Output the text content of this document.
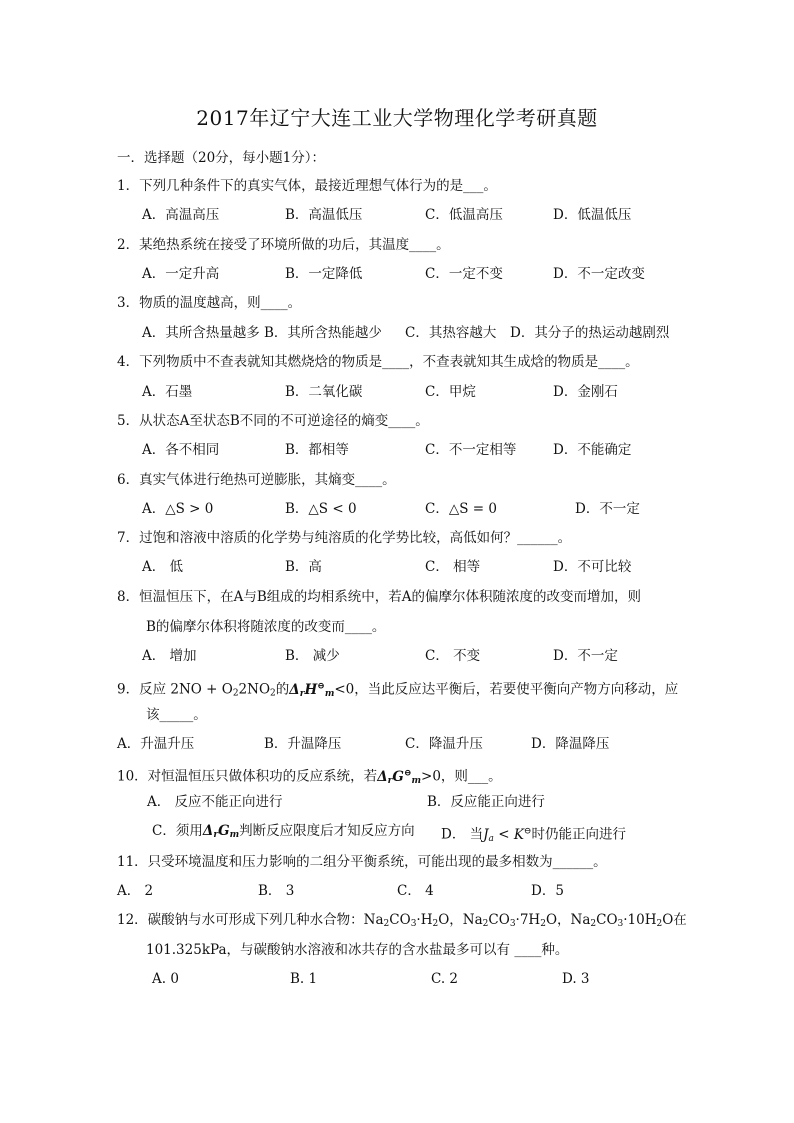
2017年辽宁大连工业大学物理化学考研真题
一．选择题（20分，每小题1分）：
1．下列几种条件下的真实气体，最接近理想气体行为的是___。
A．高温高压	B．高温低压	C．低温高压	D．低温低压
2．某绝热系统在接受了环境所做的功后，其温度____。
A．一定升高	B．一定降低	C．一定不变	D．不一定改变
3．物质的温度越高，则____。
A．其所含热量越多 B．其所含热能越少 C．其热容越大 D．其分子的热运动越剧烈
4．下列物质中不查表就知其燃烧焓的物质是____，不查表就知其生成焓的物质是____。
A．石墨	B．二氧化碳	C．甲烷	D．金刚石
5．从状态A至状态B不同的不可逆途径的熵变____。
A．各不相同	B．都相等	C．不一定相等	D．不能确定
6．真实气体进行绝热可逆膨胀，其熵变____。
A．△S > 0	B．△S < 0	C．△S = 0	D．不一定
7．过饱和溶液中溶质的化学势与纯溶质的化学势比较，高低如何？______。
A． 低	B．高	C． 相等	D．不可比较
8．恒温恒压下，在A与B组成的均相系统中，若A的偏摩尔体积随浓度的改变而增加，则
B的偏摩尔体积将随浓度的改变而____。
A． 增加	B． 减少	C． 不变	D．不一定
9．反应 $2NO + O_22NO_2$的$\Delta_rH^⊖_m<0$，当此反应达平衡后，若要使平衡向产物方向移动，应
该_____。
A．升温升压	B．升温降压	C．降温升压	D．降温降压
10．对恒温恒压只做体积功的反应系统，若$\Delta_rG^⊖_m>0$，则___。
A． 反应不能正向进行	B．反应能正向进行
C．须用$\Delta_rG_m$判断反应限度后才知反应方向 D． 当$J_a < K^⊖$时仍能正向进行
11．只受环境温度和压力影响的二组分平衡系统，可能出现的最多相数为______。
A． 2	B． 3	C． 4	D．5
12．碳酸钠与水可形成下列几种水合物：$Na_2CO_3\cdot H_2O$，$Na_2CO_3\cdot 7H_2O$，$Na_2CO_3\cdot 10H_2O$在
101.325kPa，与碳酸钠水溶液和冰共存的含水盐最多可以有 ____种。
A. 0	B. 1	C. 2	D. 3
